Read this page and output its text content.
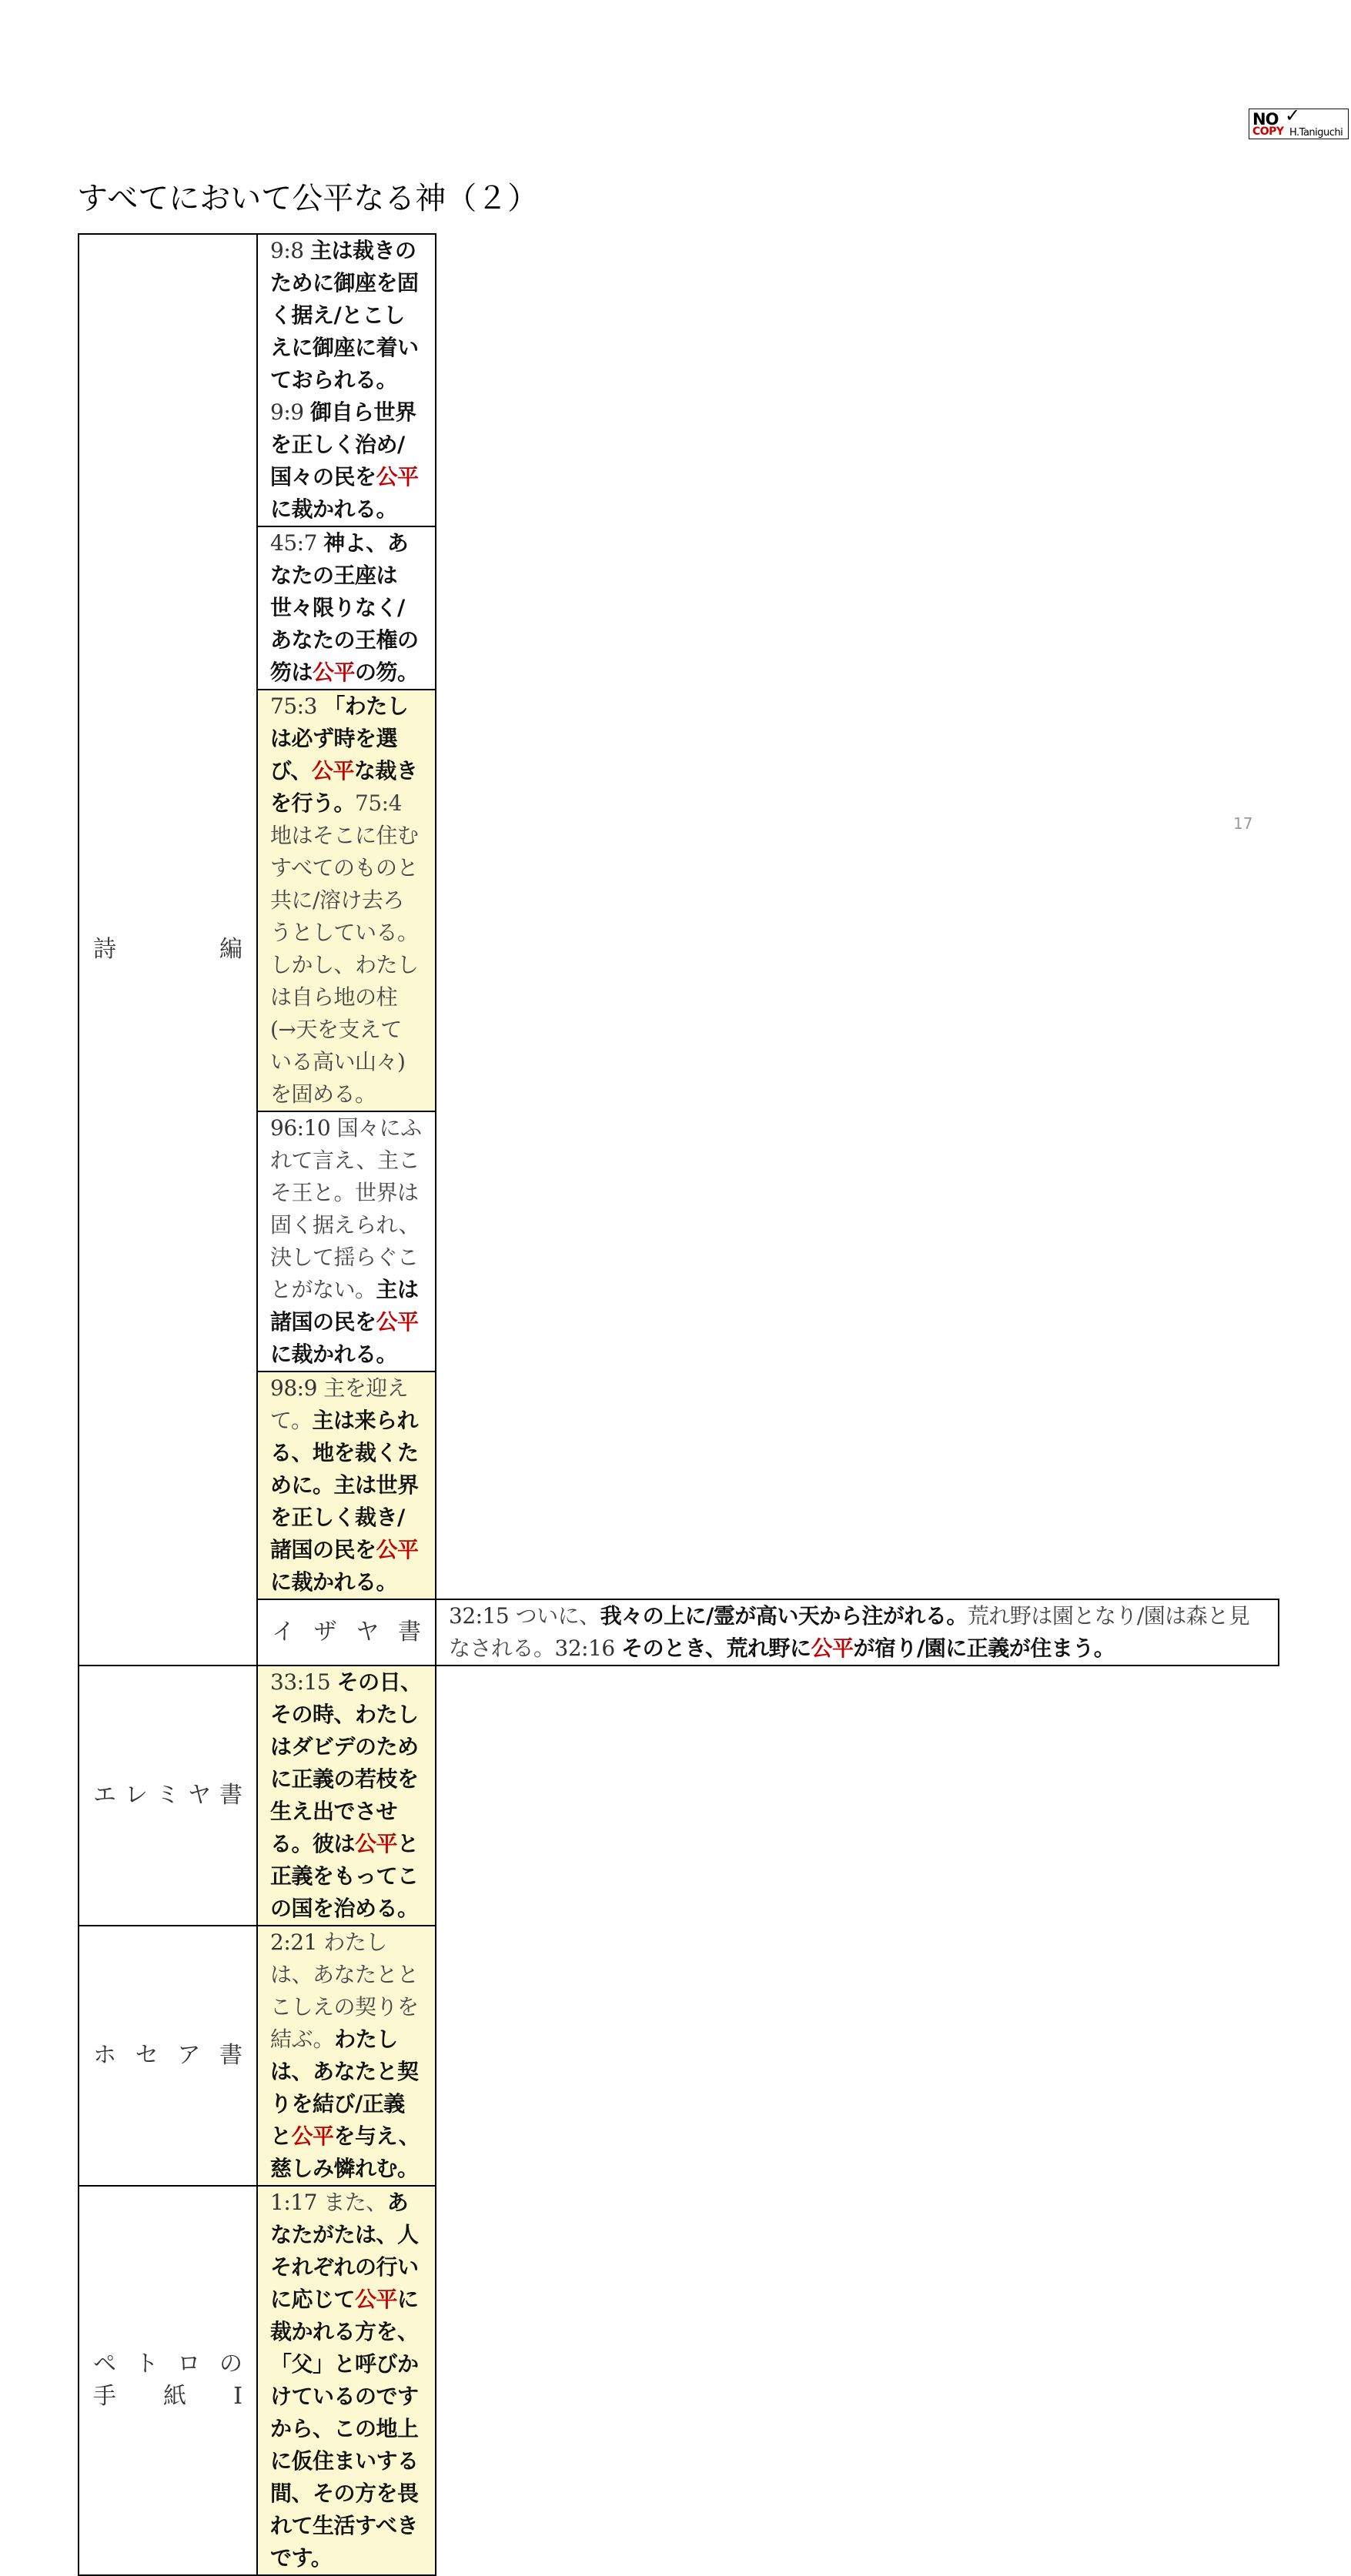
NO ✓
COPY H.Taniguchi
すべてにおいて公平なる神（２）
詩編	9:8 主は裁きのために御座を固く据え/とこしえに御座に着いておられる。
9:9 御自ら世界を正しく治め/国々の民を公平に裁かれる。	
	45:7 神よ、あなたの王座は世々限りなく/あなたの王権の笏は公平の笏。	
	75:3 「わたしは必ず時を選び、公平な裁きを行う。75:4 地はそこに住むすべてのものと共に/溶け去ろうとしている。しかし、わたしは自ら地の柱(→天を支えている高い山々)を固める。	
	96:10 国々にふれて言え、主こそ王と。世界は固く据えられ、決して揺らぐことがない。主は諸国の民を公平に裁かれる。	
	98:9 主を迎えて。主は来られる、地を裁くために。主は世界を正しく裁き/諸国の民を公平に裁かれる。	
	イザヤ書	32:15 ついに、我々の上に/霊が高い天から注がれる。荒れ野は園となり/園は森と見なされる。32:16 そのとき、荒れ野に公平が宿り/園に正義が住まう。
エレミヤ書	33:15 その日、その時、わたしはダビデのために正義の若枝を生え出でさせる。彼は公平と正義をもってこの国を治める。	
ホセア書	2:21 わたしは、あなたととこしえの契りを結ぶ。わたしは、あなたと契りを結び/正義と公平を与え、慈しみ憐れむ。	

ペトロの
手紙Ⅰ	1:17 また、あなたがたは、人それぞれの行いに応じて公平に裁かれる方を、「父」と呼びかけているのですから、この地上に仮住まいする間、その方を畏れて生活すべきです。	
17
